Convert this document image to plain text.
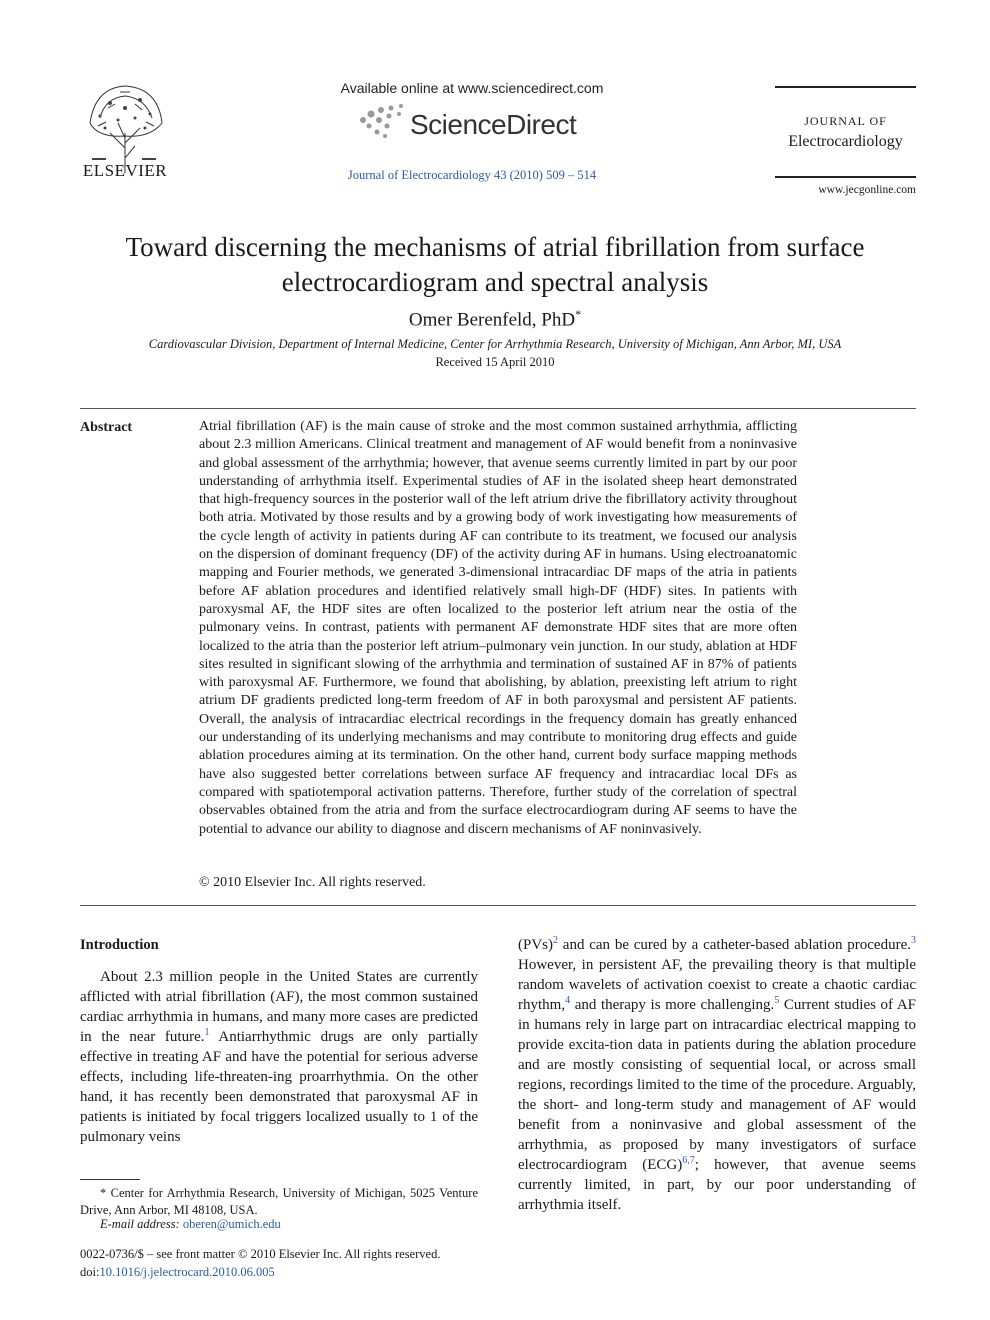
ELSEVIER
Available online at www.sciencedirect.com
ScienceDirect
Journal of Electrocardiology 43 (2010) 509 – 514
JOURNAL OF
Electrocardiology
www.jecgonline.com
Toward discerning the mechanisms of atrial fibrillation from surface
electrocardiogram and spectral analysis
Omer Berenfeld, PhD*
Cardiovascular Division, Department of Internal Medicine, Center for Arrhythmia Research, University of Michigan, Ann Arbor, MI, USA
Received 15 April 2010
Abstract	Atrial fibrillation (AF) is the main cause of stroke and the most common sustained arrhythmia, afflicting about 2.3 million Americans. Clinical treatment and management of AF would benefit from a noninvasive and global assessment of the arrhythmia; however, that avenue seems currently limited in part by our poor understanding of arrhythmia itself. Experimental studies of AF in the isolated sheep heart demonstrated that high-frequency sources in the posterior wall of the left atrium drive the fibrillatory activity throughout both atria. Motivated by those results and by a growing body of work investigating how measurements of the cycle length of activity in patients during AF can contribute to its treatment, we focused our analysis on the dispersion of dominant frequency (DF) of the activity during AF in humans. Using electroanatomic mapping and Fourier methods, we generated 3-dimensional intracardiac DF maps of the atria in patients before AF ablation procedures and identified relatively small high-DF (HDF) sites. In patients with paroxysmal AF, the HDF sites are often localized to the posterior left atrium near the ostia of the pulmonary veins. In contrast, patients with permanent AF demonstrate HDF sites that are more often localized to the atria than the posterior left atrium–pulmonary vein junction. In our study, ablation at HDF sites resulted in significant slowing of the arrhythmia and termination of sustained AF in 87% of patients with paroxysmal AF. Furthermore, we found that abolishing, by ablation, preexisting left atrium to right atrium DF gradients predicted long-term freedom of AF in both paroxysmal and persistent AF patients. Overall, the analysis of intracardiac electrical recordings in the frequency domain has greatly enhanced our understanding of its underlying mechanisms and may contribute to monitoring drug effects and guide ablation procedures aiming at its termination. On the other hand, current body surface mapping methods have also suggested better correlations between surface AF frequency and intracardiac local DFs as compared with spatiotemporal activation patterns. Therefore, further study of the correlation of spectral observables obtained from the atria and from the surface electrocardiogram during AF seems to have the potential to advance our ability to diagnose and discern mechanisms of AF noninvasively.
© 2010 Elsevier Inc. All rights reserved.
Introduction
About 2.3 million people in the United States are currently afflicted with atrial fibrillation (AF), the most common sustained cardiac arrhythmia in humans, and many more cases are predicted in the near future.$^1$ Antiarrhythmic drugs are only partially effective in treating AF and have the potential for serious adverse effects, including life-threaten-ing proarrhythmia. On the other hand, it has recently been demonstrated that paroxysmal AF in patients is initiated by focal triggers localized usually to 1 of the pulmonary veins
(PVs)$^2$ and can be cured by a catheter-based ablation procedure.$^3$ However, in persistent AF, the prevailing theory is that multiple random wavelets of activation coexist to create a chaotic cardiac rhythm,$^4$ and therapy is more challenging.$^5$ Current studies of AF in humans rely in large part on intracardiac electrical mapping to provide excita-tion data in patients during the ablation procedure and are mostly consisting of sequential local, or across small regions, recordings limited to the time of the procedure. Arguably, the short- and long-term study and management of AF would benefit from a noninvasive and global assessment of the arrhythmia, as proposed by many investigators of surface electrocardiogram (ECG)$^{6,7}$; however, that avenue seems currently limited, in part, by our poor understanding of arrhythmia itself.
* Center for Arrhythmia Research, University of Michigan, 5025 Venture Drive, Ann Arbor, MI 48108, USA.
E-mail address: oberen@umich.edu
0022-0736/$ – see front matter © 2010 Elsevier Inc. All rights reserved.
doi:10.1016/j.jelectrocard.2010.06.005
